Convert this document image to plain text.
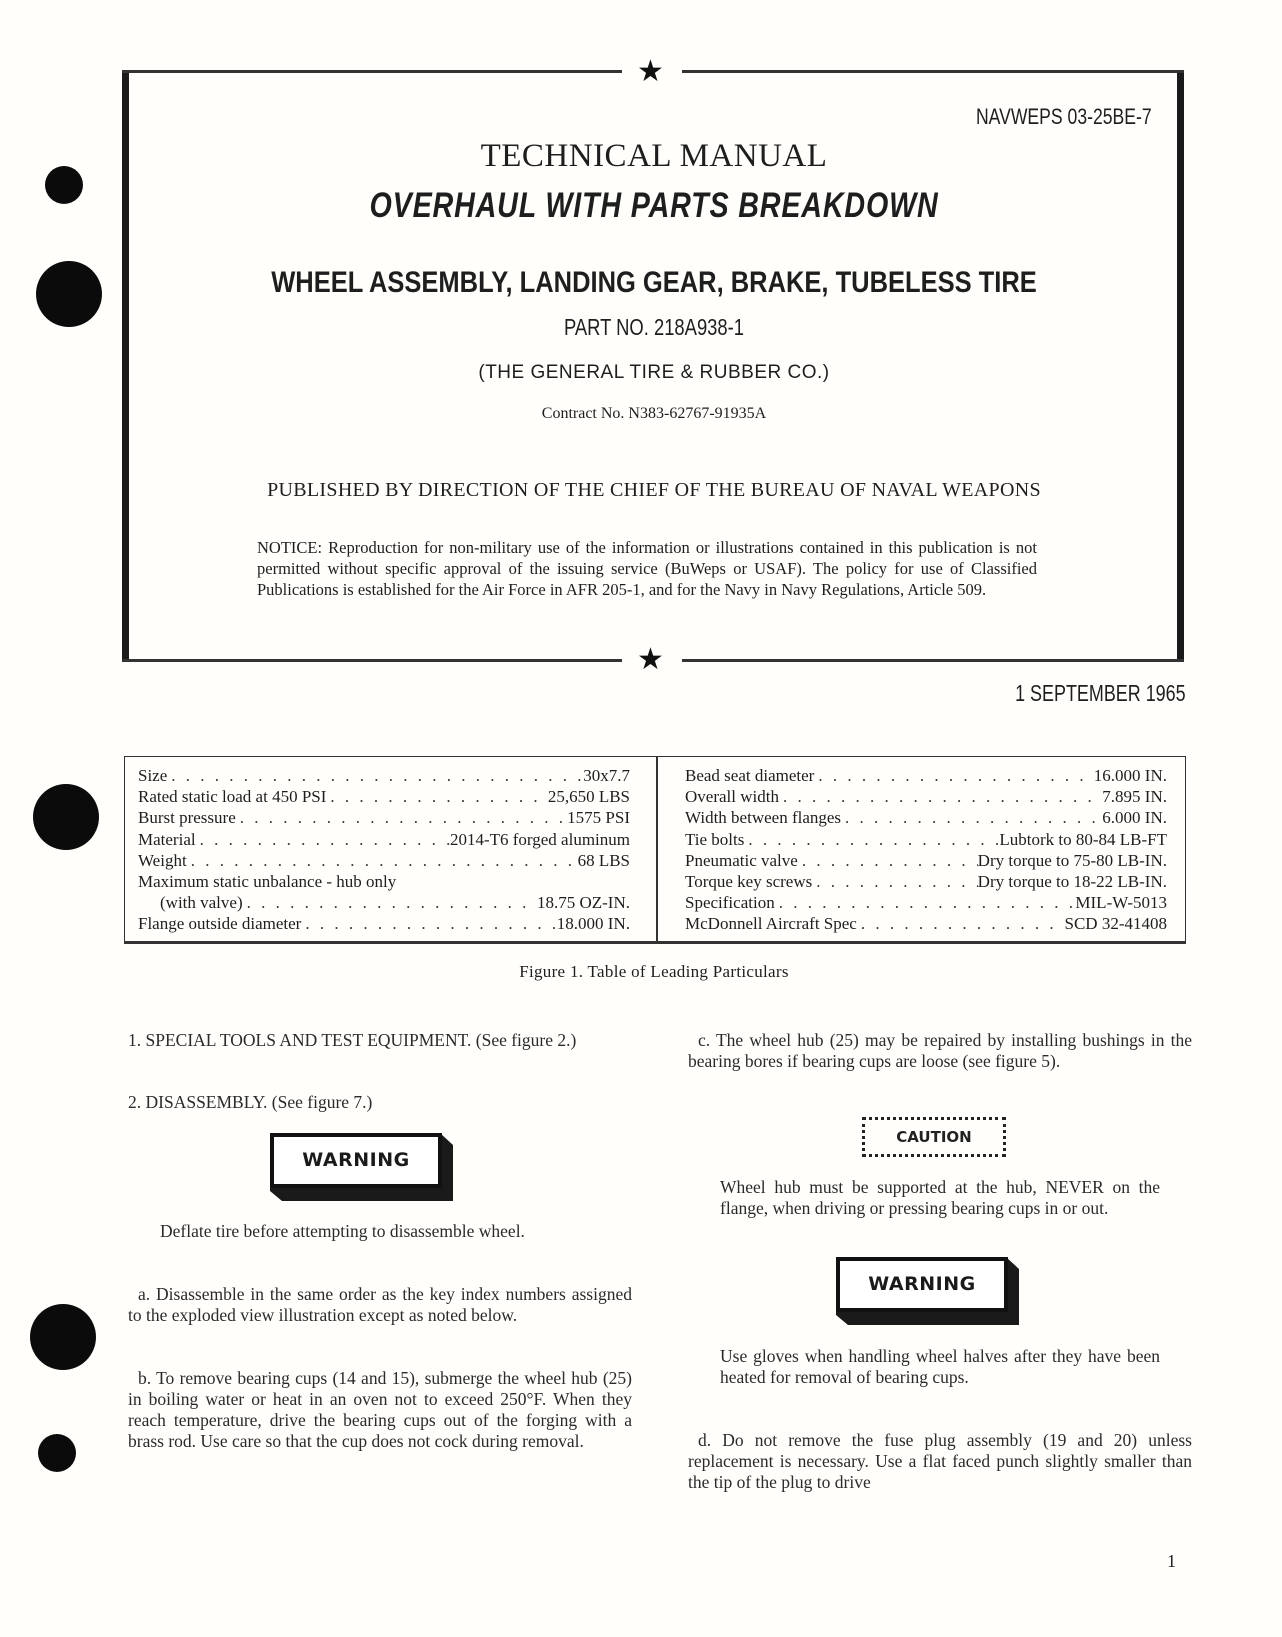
★
★
NAVWEPS 03-25BE-7
TECHNICAL MANUAL
OVERHAUL WITH PARTS BREAKDOWN
WHEEL ASSEMBLY, LANDING GEAR, BRAKE, TUBELESS TIRE
PART NO. 218A938-1
(THE GENERAL TIRE & RUBBER CO.)
Contract No. N383-62767-91935A
PUBLISHED BY DIRECTION OF THE CHIEF OF THE BUREAU OF NAVAL WEAPONS
NOTICE: Reproduction for non-military use of the information or illustrations contained in this publication is not permitted without specific approval of the issuing service (BuWeps or USAF). The policy for use of Classified Publications is established for the Air Force in AFR 205-1, and for the Navy in Navy Regulations, Article 509.
1 SEPTEMBER 1965
Size . . .	30x7.7
Rated static load at 450 PSI . . .	25,650 LBS
Burst pressure . . .	1575 PSI
Material . . .	2014-T6 forged aluminum
Weight . . .	68 LBS
Maximum static unbalance - hub only
(with valve) . . .	18.75 OZ-IN.
Flange outside diameter . . .	18.000 IN.
Bead seat diameter . . .	16.000 IN.
Overall width . . .	7.895 IN.
Width between flanges . . .	6.000 IN.
Tie bolts . . .	Lubtork to 80-84 LB-FT
Pneumatic valve . . .	Dry torque to 75-80 LB-IN.
Torque key screws . . .	Dry torque to 18-22 LB-IN.
Specification . . .	MIL-W-5013
McDonnell Aircraft Spec . . .	SCD 32-41408
Figure 1. Table of Leading Particulars
1. SPECIAL TOOLS AND TEST EQUIPMENT. (See figure 2.)
2. DISASSEMBLY. (See figure 7.)
WARNING
Deflate tire before attempting to disassemble wheel.
a. Disassemble in the same order as the key index numbers assigned to the exploded view illustration except as noted below.
b. To remove bearing cups (14 and 15), submerge the wheel hub (25) in boiling water or heat in an oven not to exceed 250°F. When they reach temperature, drive the bearing cups out of the forging with a brass rod. Use care so that the cup does not cock during removal.
c. The wheel hub (25) may be repaired by installing bushings in the bearing bores if bearing cups are loose (see figure 5).
CAUTION
Wheel hub must be supported at the hub, NEVER on the flange, when driving or pressing bearing cups in or out.
WARNING
Use gloves when handling wheel halves after they have been heated for removal of bearing cups.
d. Do not remove the fuse plug assembly (19 and 20) unless replacement is necessary. Use a flat faced punch slightly smaller than the tip of the plug to drive
1
